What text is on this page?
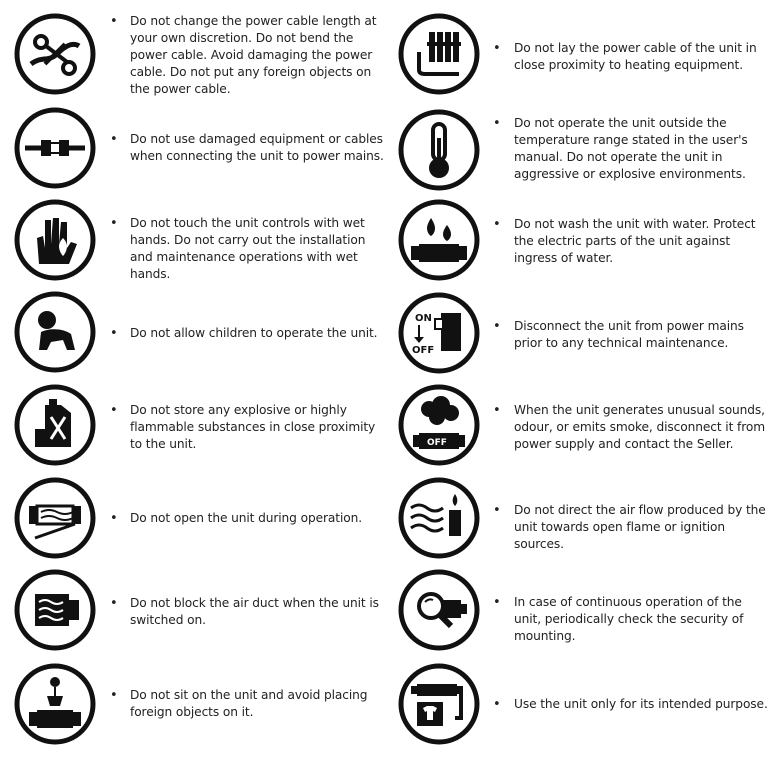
• Do not change the power cable length at your own discretion. Do not bend the power cable. Avoid damaging the power cable. Do not put any foreign objects on the power cable.
• Do not use damaged equipment or cables when connecting the unit to power mains.
• Do not touch the unit controls with wet hands. Do not carry out the installation and maintenance operations with wet hands.
• Do not allow children to operate the unit.
• Do not store any explosive or highly flammable substances in close proximity to the unit.
• Do not open the unit during operation.
• Do not block the air duct when the unit is switched on.
• Do not sit on the unit and avoid placing foreign objects on it.
• Do not lay the power cable of the unit in close proximity to heating equipment.
• Do not operate the unit outside the temperature range stated in the user's manual. Do not operate the unit in aggressive or explosive environments.
• Do not wash the unit with water. Protect the electric parts of the unit against ingress of water.
ON
OFF
• Disconnect the unit from power mains prior to any technical maintenance.
OFF
• When the unit generates unusual sounds, odour, or emits smoke, disconnect it from power supply and contact the Seller.
• Do not direct the air flow produced by the unit towards open flame or ignition sources.
• In case of continuous operation of the unit, periodically check the security of mounting.
• Use the unit only for its intended purpose.
